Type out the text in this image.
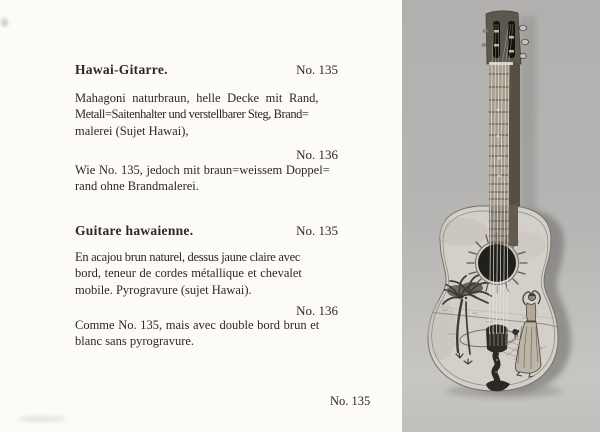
Hawai-Gitarre.	No. 135
Mahagoni naturbraun, helle Decke mit Rand,
Metall=Saitenhalter und verstellbarer Steg, Brand=
malerei (Sujet Hawai),
No. 136
Wie No. 135, jedoch mit braun=weissem Doppel=
rand ohne Brandmalerei.
Guitare hawaienne.	No. 135
En acajou brun naturel, dessus jaune claire avec
bord, teneur de cordes métallique et chevalet
mobile. Pyrogravure (sujet Hawai).
No. 136
Comme No. 135, mais avec double bord brun et
blanc sans pyrogravure.
No. 135
